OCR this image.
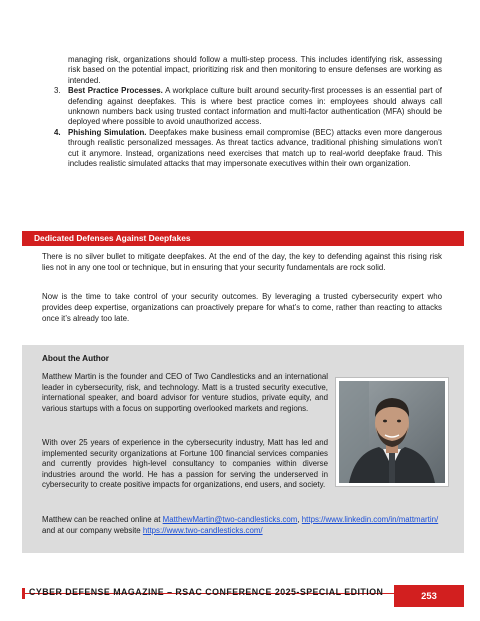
managing risk, organizations should follow a multi-step process. This includes identifying risk, assessing risk based on the potential impact, prioritizing risk and then monitoring to ensure defenses are working as intended.
3. Best Practice Processes. A workplace culture built around security-first processes is an essential part of defending against deepfakes. This is where best practice comes in: employees should always call unknown numbers back using trusted contact information and multi-factor authentication (MFA) should be deployed where possible to avoid unauthorized access.
4. Phishing Simulation. Deepfakes make business email compromise (BEC) attacks even more dangerous through realistic personalized messages. As threat tactics advance, traditional phishing simulations won’t cut it anymore. Instead, organizations need exercises that match up to real-world deepfake fraud. This includes realistic simulated attacks that may impersonate executives within their own organization.
Dedicated Defenses Against Deepfakes
There is no silver bullet to mitigate deepfakes. At the end of the day, the key to defending against this rising risk lies not in any one tool or technique, but in ensuring that your security fundamentals are rock solid.
Now is the time to take control of your security outcomes. By leveraging a trusted cybersecurity expert who provides deep expertise, organizations can proactively prepare for what’s to come, rather than reacting to attacks once it’s already too late.
About the Author
Matthew Martin is the founder and CEO of Two Candlesticks and an international leader in cybersecurity, risk, and technology. Matt is a trusted security executive, international speaker, and board advisor for venture studios, private equity, and various startups with a focus on supporting overlooked markets and regions.
With over 25 years of experience in the cybersecurity industry, Matt has led and implemented security organizations at Fortune 100 financial services companies and currently provides high-level consultancy to companies within diverse industries around the world. He has a passion for serving the underserved in cybersecurity to create positive impacts for organizations, end users, and society.
Matthew can be reached online at MatthewMartin@two-candlesticks.com, https://www.linkedin.com/in/mattmartin/ and at our company website https://www.two-candlesticks.com/
CYBER DEFENSE MAGAZINE – RSAC CONFERENCE 2025-SPECIAL EDITION	253
